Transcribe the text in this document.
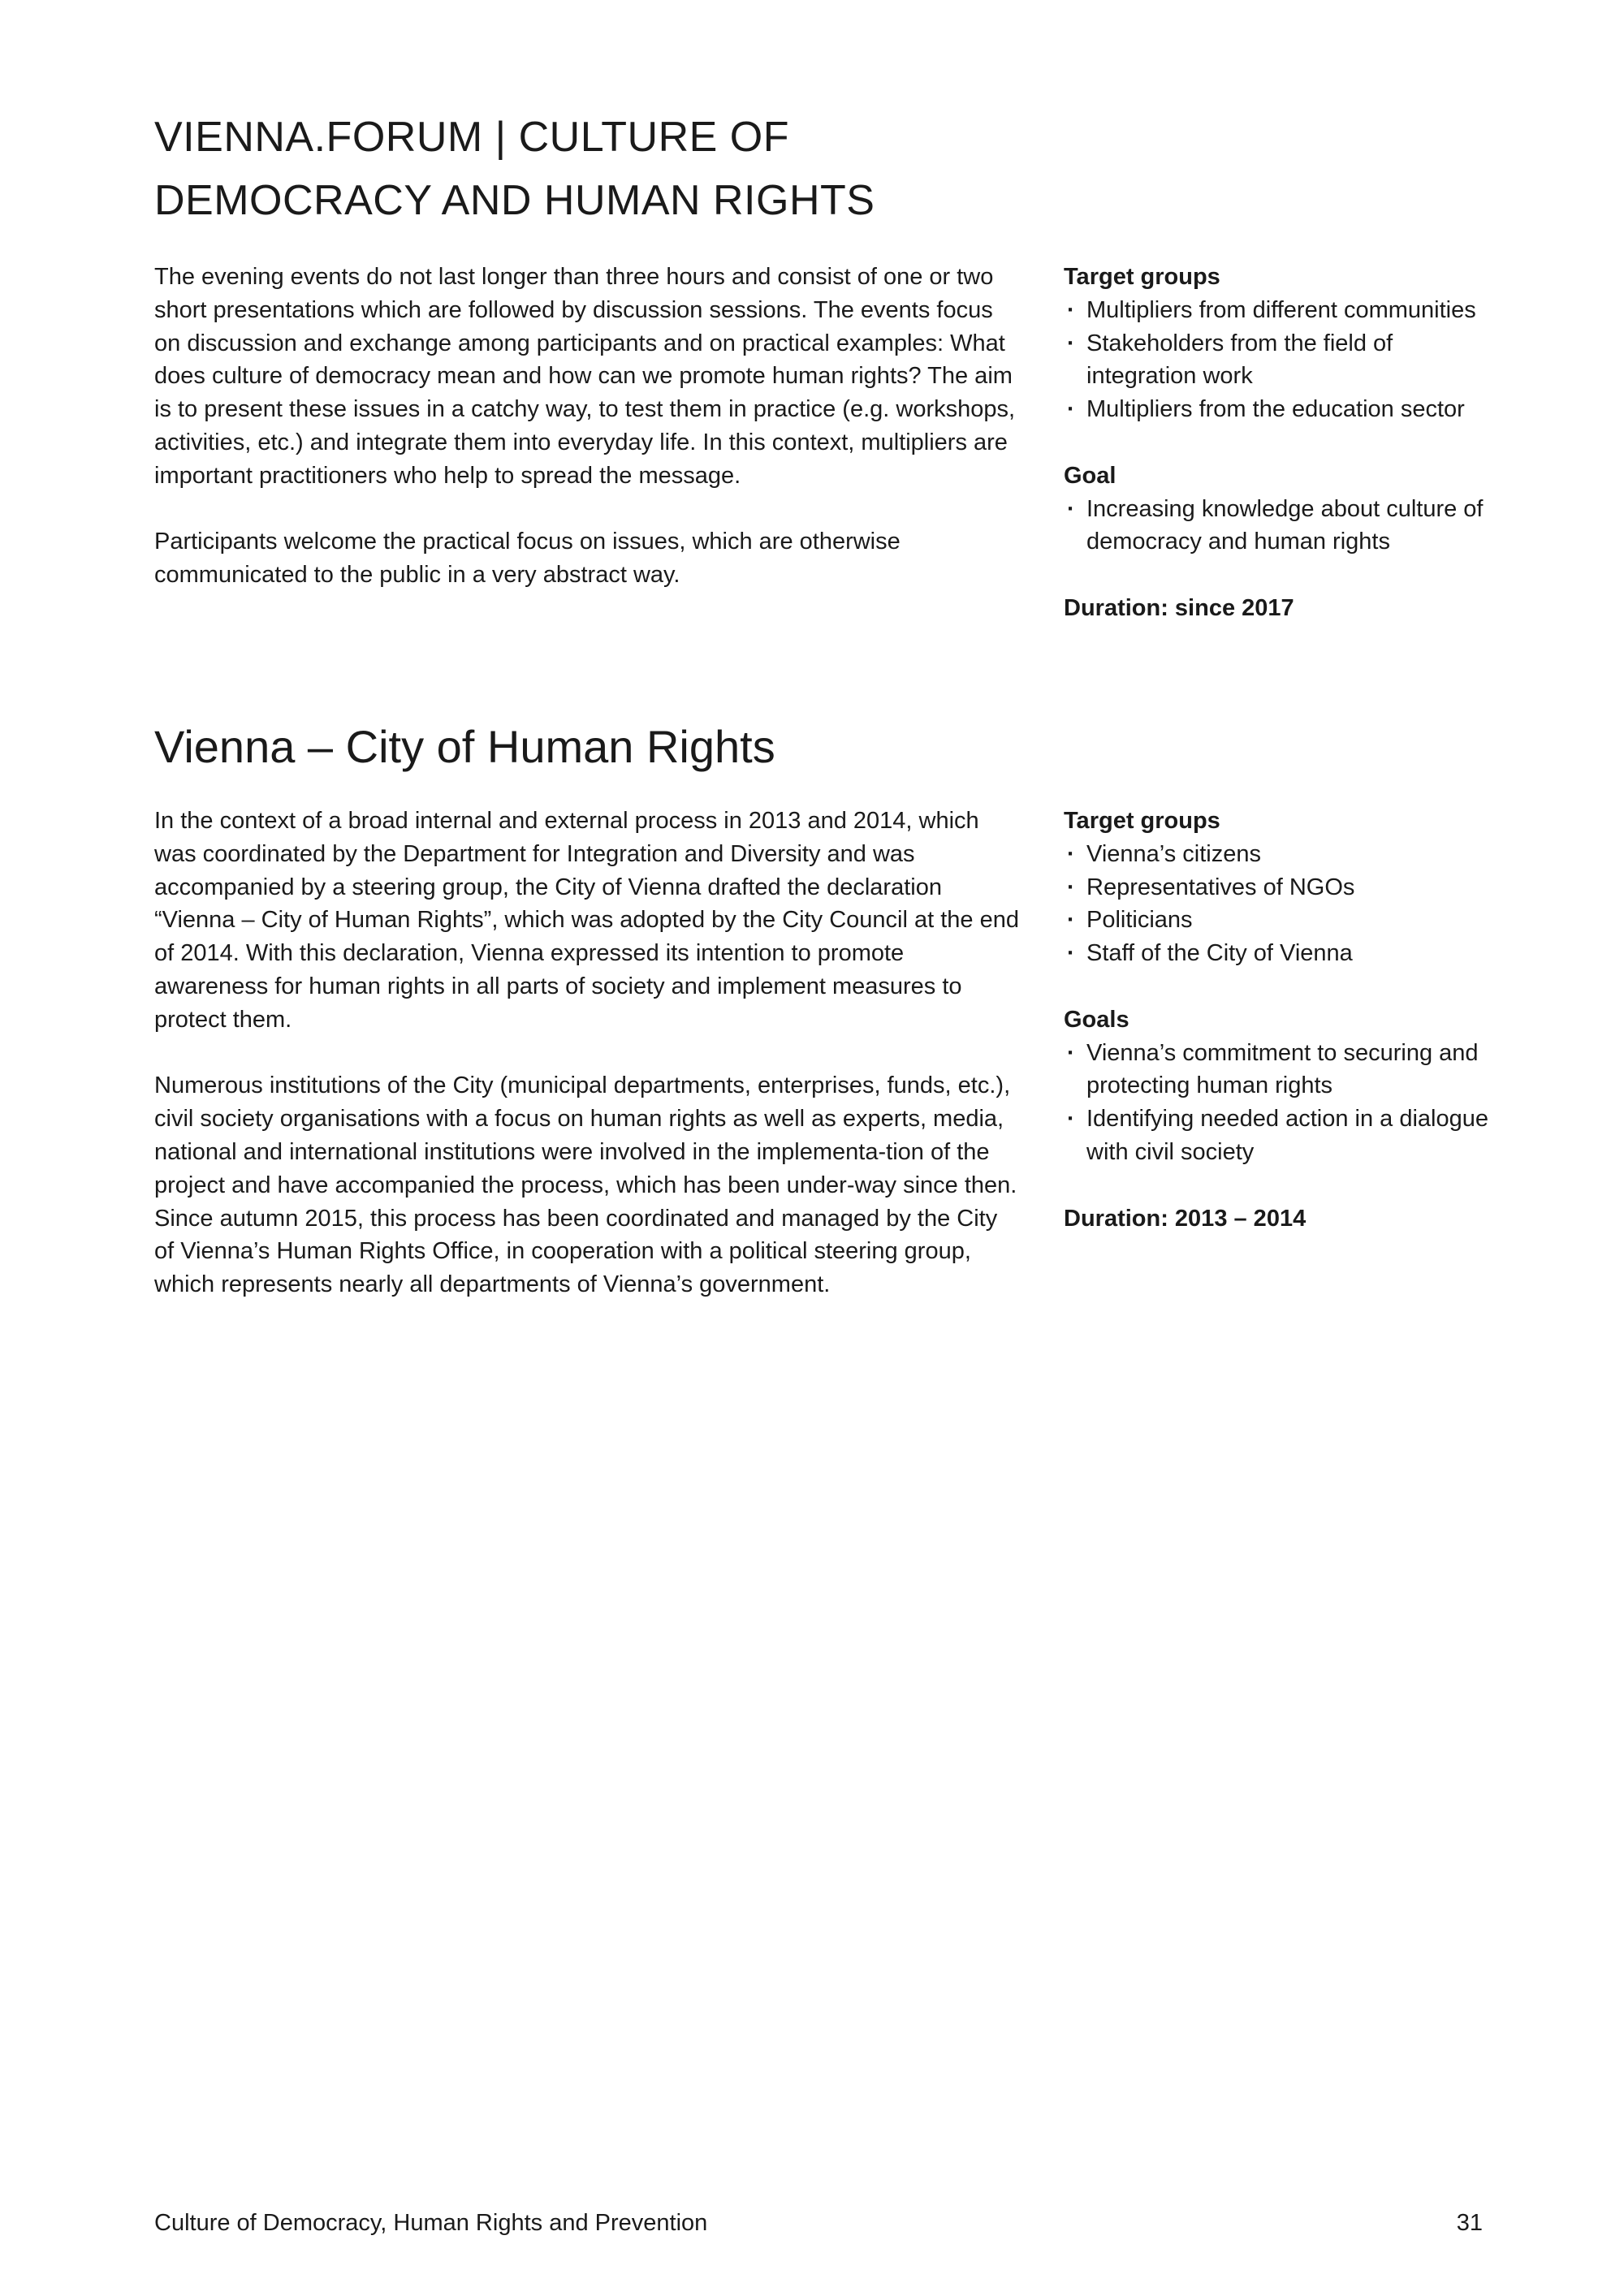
VIENNA.FORUM | CULTURE OF DEMOCRACY AND HUMAN RIGHTS

The evening events do not last longer than three hours and consist of one or two short presentations which are followed by discussion sessions. The events focus on discussion and exchange among participants and on practical examples: What does culture of democracy mean and how can we promote human rights? The aim is to present these issues in a catchy way, to test them in practice (e.g. workshops, activities, etc.) and integrate them into everyday life. In this context, multipliers are important practitioners who help to spread the message.

Participants welcome the practical focus on issues, which are otherwise communicated to the public in a very abstract way.

Target groups

· Multipliers from different communities
· Stakeholders from the field of integration work
· Multipliers from the education sector

Goal

· Increasing knowledge about culture of democracy and human rights

Duration: since 2017

Vienna – City of Human Rights

In the context of a broad internal and external process in 2013 and 2014, which was coordinated by the Department for Integration and Diversity and was accompanied by a steering group, the City of Vienna drafted the declaration “Vienna – City of Human Rights”, which was adopted by the City Council at the end of 2014. With this declaration, Vienna expressed its intention to promote awareness for human rights in all parts of society and implement measures to protect them.

Numerous institutions of the City (municipal departments, enterprises, funds, etc.), civil society organisations with a focus on human rights as well as experts, media, national and international institutions were involved in the implementa-tion of the project and have accompanied the process, which has been under-way since then. Since autumn 2015, this process has been coordinated and managed by the City of Vienna’s Human Rights Office, in cooperation with a political steering group, which represents nearly all departments of Vienna’s government.

Target groups

· Vienna’s citizens
· Representatives of NGOs
· Politicians
· Staff of the City of Vienna

Goals

· Vienna’s commitment to securing and protecting human rights
· Identifying needed action in a dialogue with civil society

Duration: 2013 – 2014

Culture of Democracy, Human Rights and Prevention	31
